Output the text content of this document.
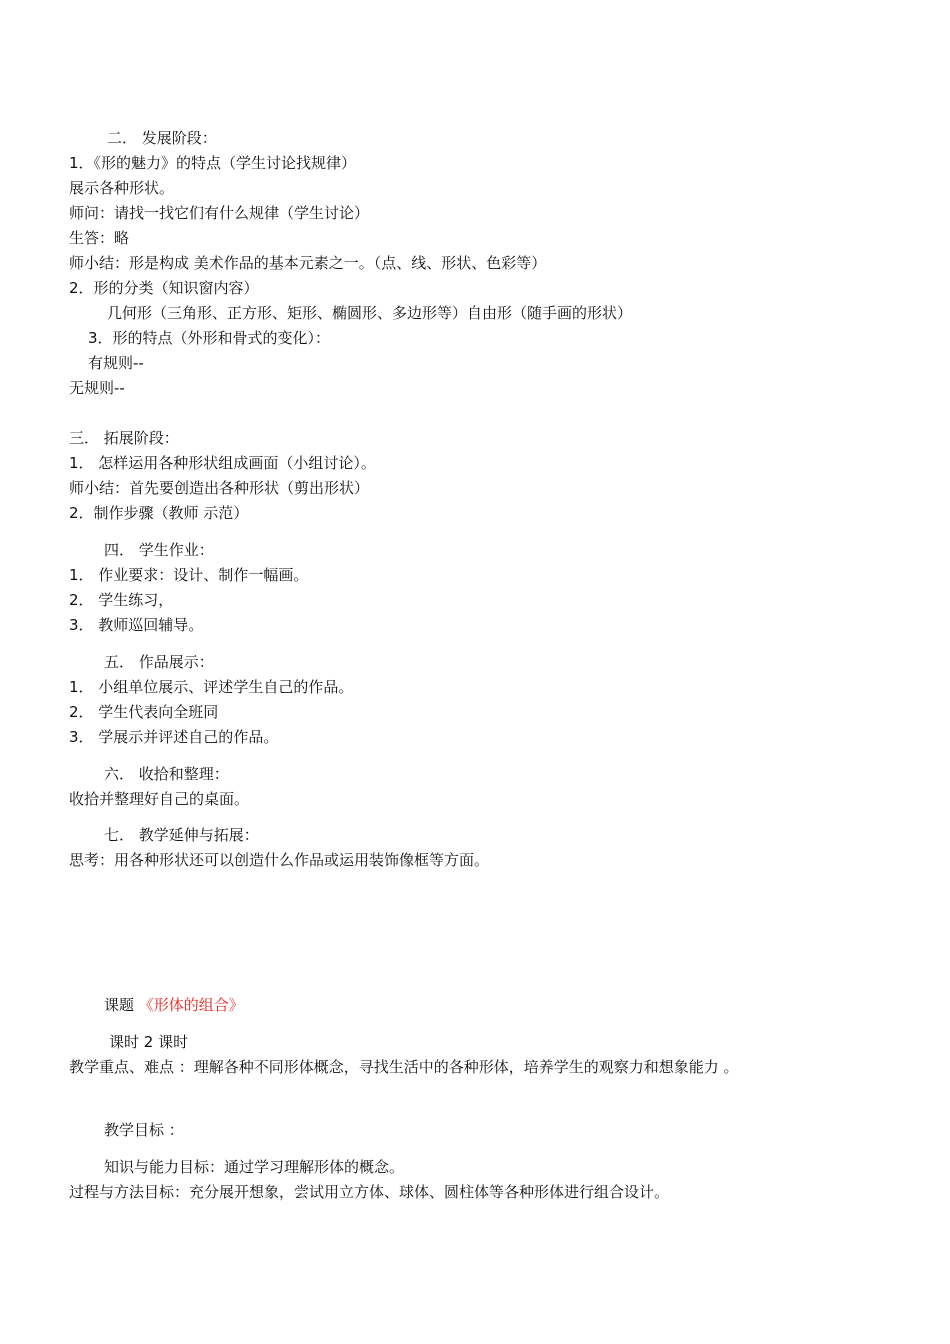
二． 发展阶段：
1．《形的魅力》的特点（学生讨论找规律）
展示各种形状。
师问：请找一找它们有什么规律（学生讨论）
生答：略
师小结：形是构成 美术作品的基本元素之一。（点、线、形状、色彩等）
2．形的分类（知识窗内容）
几何形（三角形、正方形、矩形、椭圆形、多边形等）自由形（随手画的形状）
3．形的特点（外形和骨式的变化）：
有规则--
无规则--
三． 拓展阶段：
1． 怎样运用各种形状组成画面（小组讨论）。
师小结：首先要创造出各种形状（剪出形状）
2．制作步骤（教师 示范）
四． 学生作业：
1． 作业要求：设计、制作一幅画。
2． 学生练习，
3． 教师巡回辅导。
五． 作品展示：
1． 小组单位展示、评述学生自己的作品。
2． 学生代表向全班同
3． 学展示并评述自己的作品。
六． 收拾和整理：
收拾并整理好自己的桌面。
七． 教学延伸与拓展：
思考：用各种形状还可以创造什么作品或运用装饰像框等方面。
课题 《形体的组合》
课时 2 课时
教学重点、难点 ：理解各种不同形体概念，寻找生活中的各种形体，培养学生的观察力和想象能力 。
教学目标 ：
知识与能力目标：通过学习理解形体的概念。
过程与方法目标：充分展开想象，尝试用立方体、球体、圆柱体等各种形体进行组合设计。
